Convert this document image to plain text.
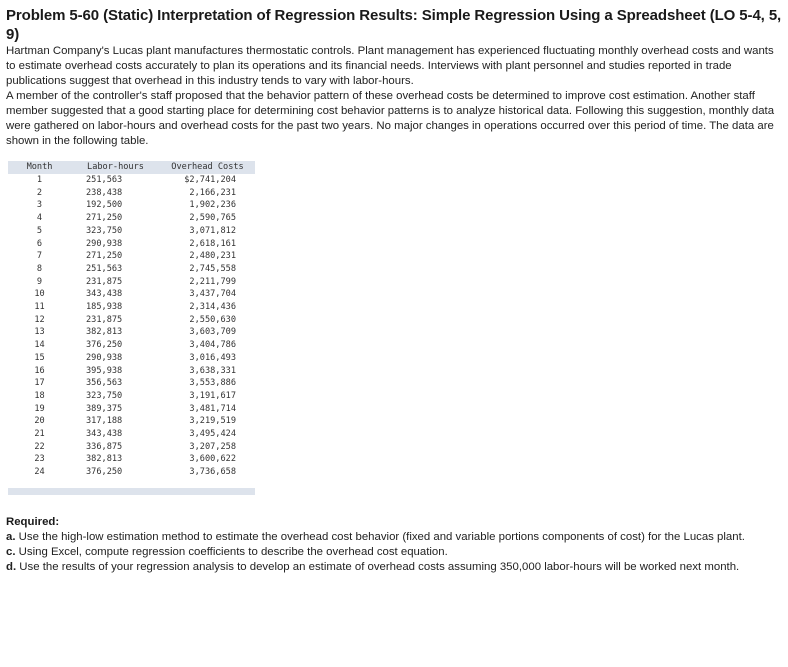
Problem 5-60 (Static) Interpretation of Regression Results: Simple Regression Using a Spreadsheet (LO 5-4, 5, 9)

Hartman Company's Lucas plant manufactures thermostatic controls. Plant management has experienced fluctuating monthly overhead costs and wants to estimate overhead costs accurately to plan its operations and its financial needs. Interviews with plant personnel and studies reported in trade publications suggest that overhead in this industry tends to vary with labor-hours.

A member of the controller's staff proposed that the behavior pattern of these overhead costs be determined to improve cost estimation. Another staff member suggested that a good starting place for determining cost behavior patterns is to analyze historical data. Following this suggestion, monthly data were gathered on labor-hours and overhead costs for the past two years. No major changes in operations occurred over this period of time. The data are shown in the following table.

Month	Labor-hours	Overhead Costs
1	251,563	$2,741,204
2	238,438	2,166,231
3	192,500	1,902,236
4	271,250	2,590,765
5	323,750	3,071,812
6	290,938	2,618,161
7	271,250	2,480,231
8	251,563	2,745,558
9	231,875	2,211,799
10	343,438	3,437,704
11	185,938	2,314,436
12	231,875	2,550,630
13	382,813	3,603,709
14	376,250	3,404,786
15	290,938	3,016,493
16	395,938	3,638,331
17	356,563	3,553,886
18	323,750	3,191,617
19	389,375	3,481,714
20	317,188	3,219,519
21	343,438	3,495,424
22	336,875	3,207,258
23	382,813	3,600,622
24	376,250	3,736,658

Required:

a. Use the high-low estimation method to estimate the overhead cost behavior (fixed and variable portions components of cost) for the Lucas plant.

c. Using Excel, compute regression coefficients to describe the overhead cost equation.

d. Use the results of your regression analysis to develop an estimate of overhead costs assuming 350,000 labor-hours will be worked next month.
